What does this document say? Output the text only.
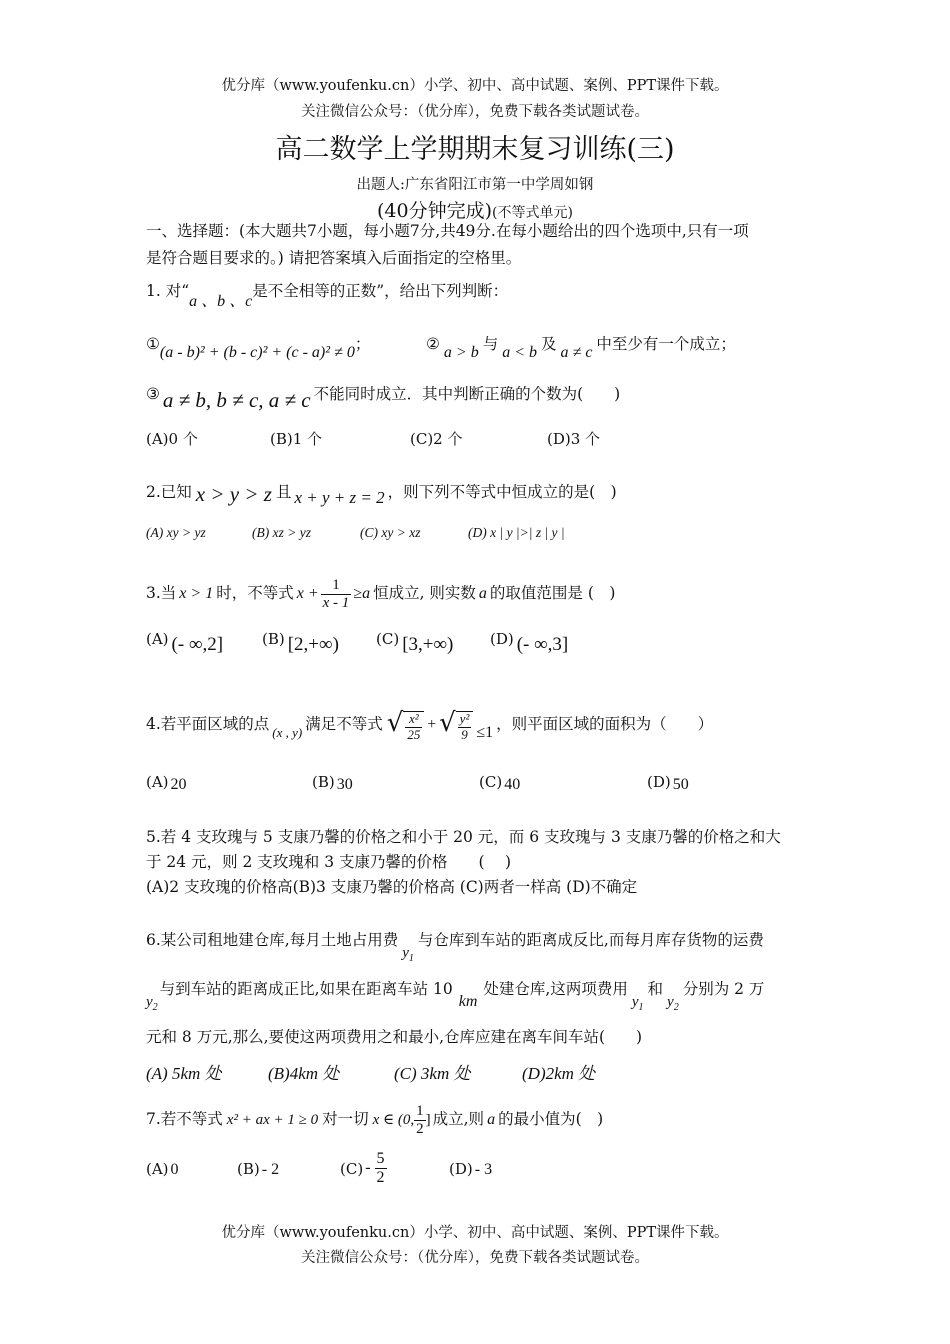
优分库（www.youfenku.cn）小学、初中、高中试题、案例、PPT课件下载。
关注微信公众号：（优分库），免费下载各类试题试卷。
高二数学上学期期末复习训练(三)
出题人:广东省阳江市第一中学周如钢
(40分钟完成)(不等式单元)
一、选择题：(本大题共7小题，每小题7分,共49分.在每小题给出的四个选项中,只有一项
是符合题目要求的。) 请把答案填入后面指定的空格里。
1. 对“a 、b 、c是不全相等的正数”，给出下列判断：
①(a - b)² + (b - c)² + (c - a)² ≠ 0；	② a > b 与 a < b 及 a ≠ c 中至少有一个成立；
③ a ≠ b, b ≠ c, a ≠ c 不能同时成立．其中判断正确的个数为(　　)
(A)0 个	(B)1 个	(C)2 个	(D)3 个
2.已知 x > y > z 且 x + y + z = 2 ，则下列不等式中恒成立的是(　)
(A) xy > yz	(B) xz > yz	(C) xy > xz	(D) x | y |>| z | y |
3.当 x > 1 时，不等式 $x + \frac{1}{x - 1} \ge a$ 恒成立, 则实数 a 的取值范围是 (　)
(A) (- ∞,2]	(B) [2,+∞) (C) [3,+∞) (D) (- ∞,3]
4.若平面区域的点 $_{(x , y)}$ 满足不等式 √ $\frac{\text{x²}}{25}$ + √ $\frac{\text{y²}}{9} \le 1$ ，则平面区域的面积为（　　）
(A) 20	(B) 30	(C) 40	(D) 50
5.若 4 支玫瑰与 5 支康乃馨的价格之和小于 20 元，而 6 支玫瑰与 3 支康乃馨的价格之和大
于 24 元，则 2 支玫瑰和 3 支康乃馨的价格　　(　 )
(A)2 支玫瑰的价格高(B)3 支康乃馨的价格高 (C)两者一样高 (D)不确定
6.某公司租地建仓库,每月土地占用费$y_1$与仓库到车站的距离成反比,而每月库存货物的运费
$y_2$与到车站的距离成正比,如果在距离车站 10km处建仓库,这两项费用$y_1$和$y_2$分别为 2 万
元和 8 万元,那么,要使这两项费用之和最小,仓库应建在离车间车站(　　)
(A) 5km 处	(B)4km 处	(C) 3km 处	(D)2km 处
7.若不等式 x² + ax + 1 ≥ 0 对一切 x ∈ (0, $\frac{1}{2}$ ] 成立,则 a 的最小值为(　)
(A) 0	(B) - 2	$(C) - \frac{5}{2}$	(D) - 3
优分库（www.youfenku.cn）小学、初中、高中试题、案例、PPT课件下载。
关注微信公众号：（优分库），免费下载各类试题试卷。
